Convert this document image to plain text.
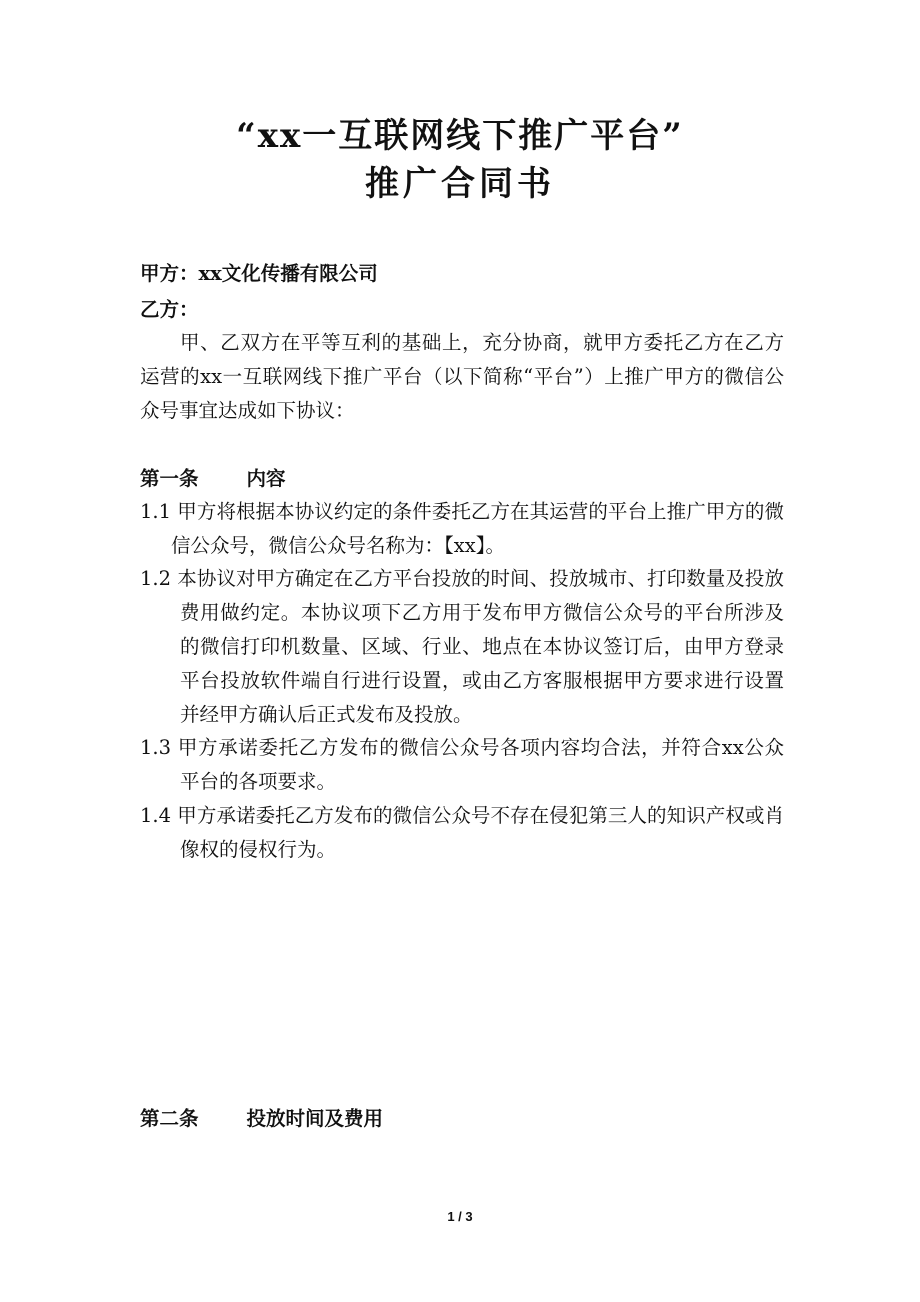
“xx一互联网线下推广平台”
推广合同书

甲方：xx文化传播有限公司

乙方：

甲、乙双方在平等互利的基础上，充分协商，就甲方委托乙方在乙方运营的xx一互联网线下推广平台（以下简称“平台”）上推广甲方的微信公众号事宜达成如下协议：

第一条 内容

1.1 甲方将根据本协议约定的条件委托乙方在其运营的平台上推广甲方的微信公众号，微信公众号名称为：【xx】。

1.2 本协议对甲方确定在乙方平台投放的时间、投放城市、打印数量及投放费用做约定。本协议项下乙方用于发布甲方微信公众号的平台所涉及的微信打印机数量、区域、行业、地点在本协议签订后，由甲方登录平台投放软件端自行进行设置，或由乙方客服根据甲方要求进行设置并经甲方确认后正式发布及投放。

1.3 甲方承诺委托乙方发布的微信公众号各项内容均合法，并符合xx公众平台的各项要求。

1.4 甲方承诺委托乙方发布的微信公众号不存在侵犯第三人的知识产权或肖像权的侵权行为。

第二条 投放时间及费用

1 / 3
